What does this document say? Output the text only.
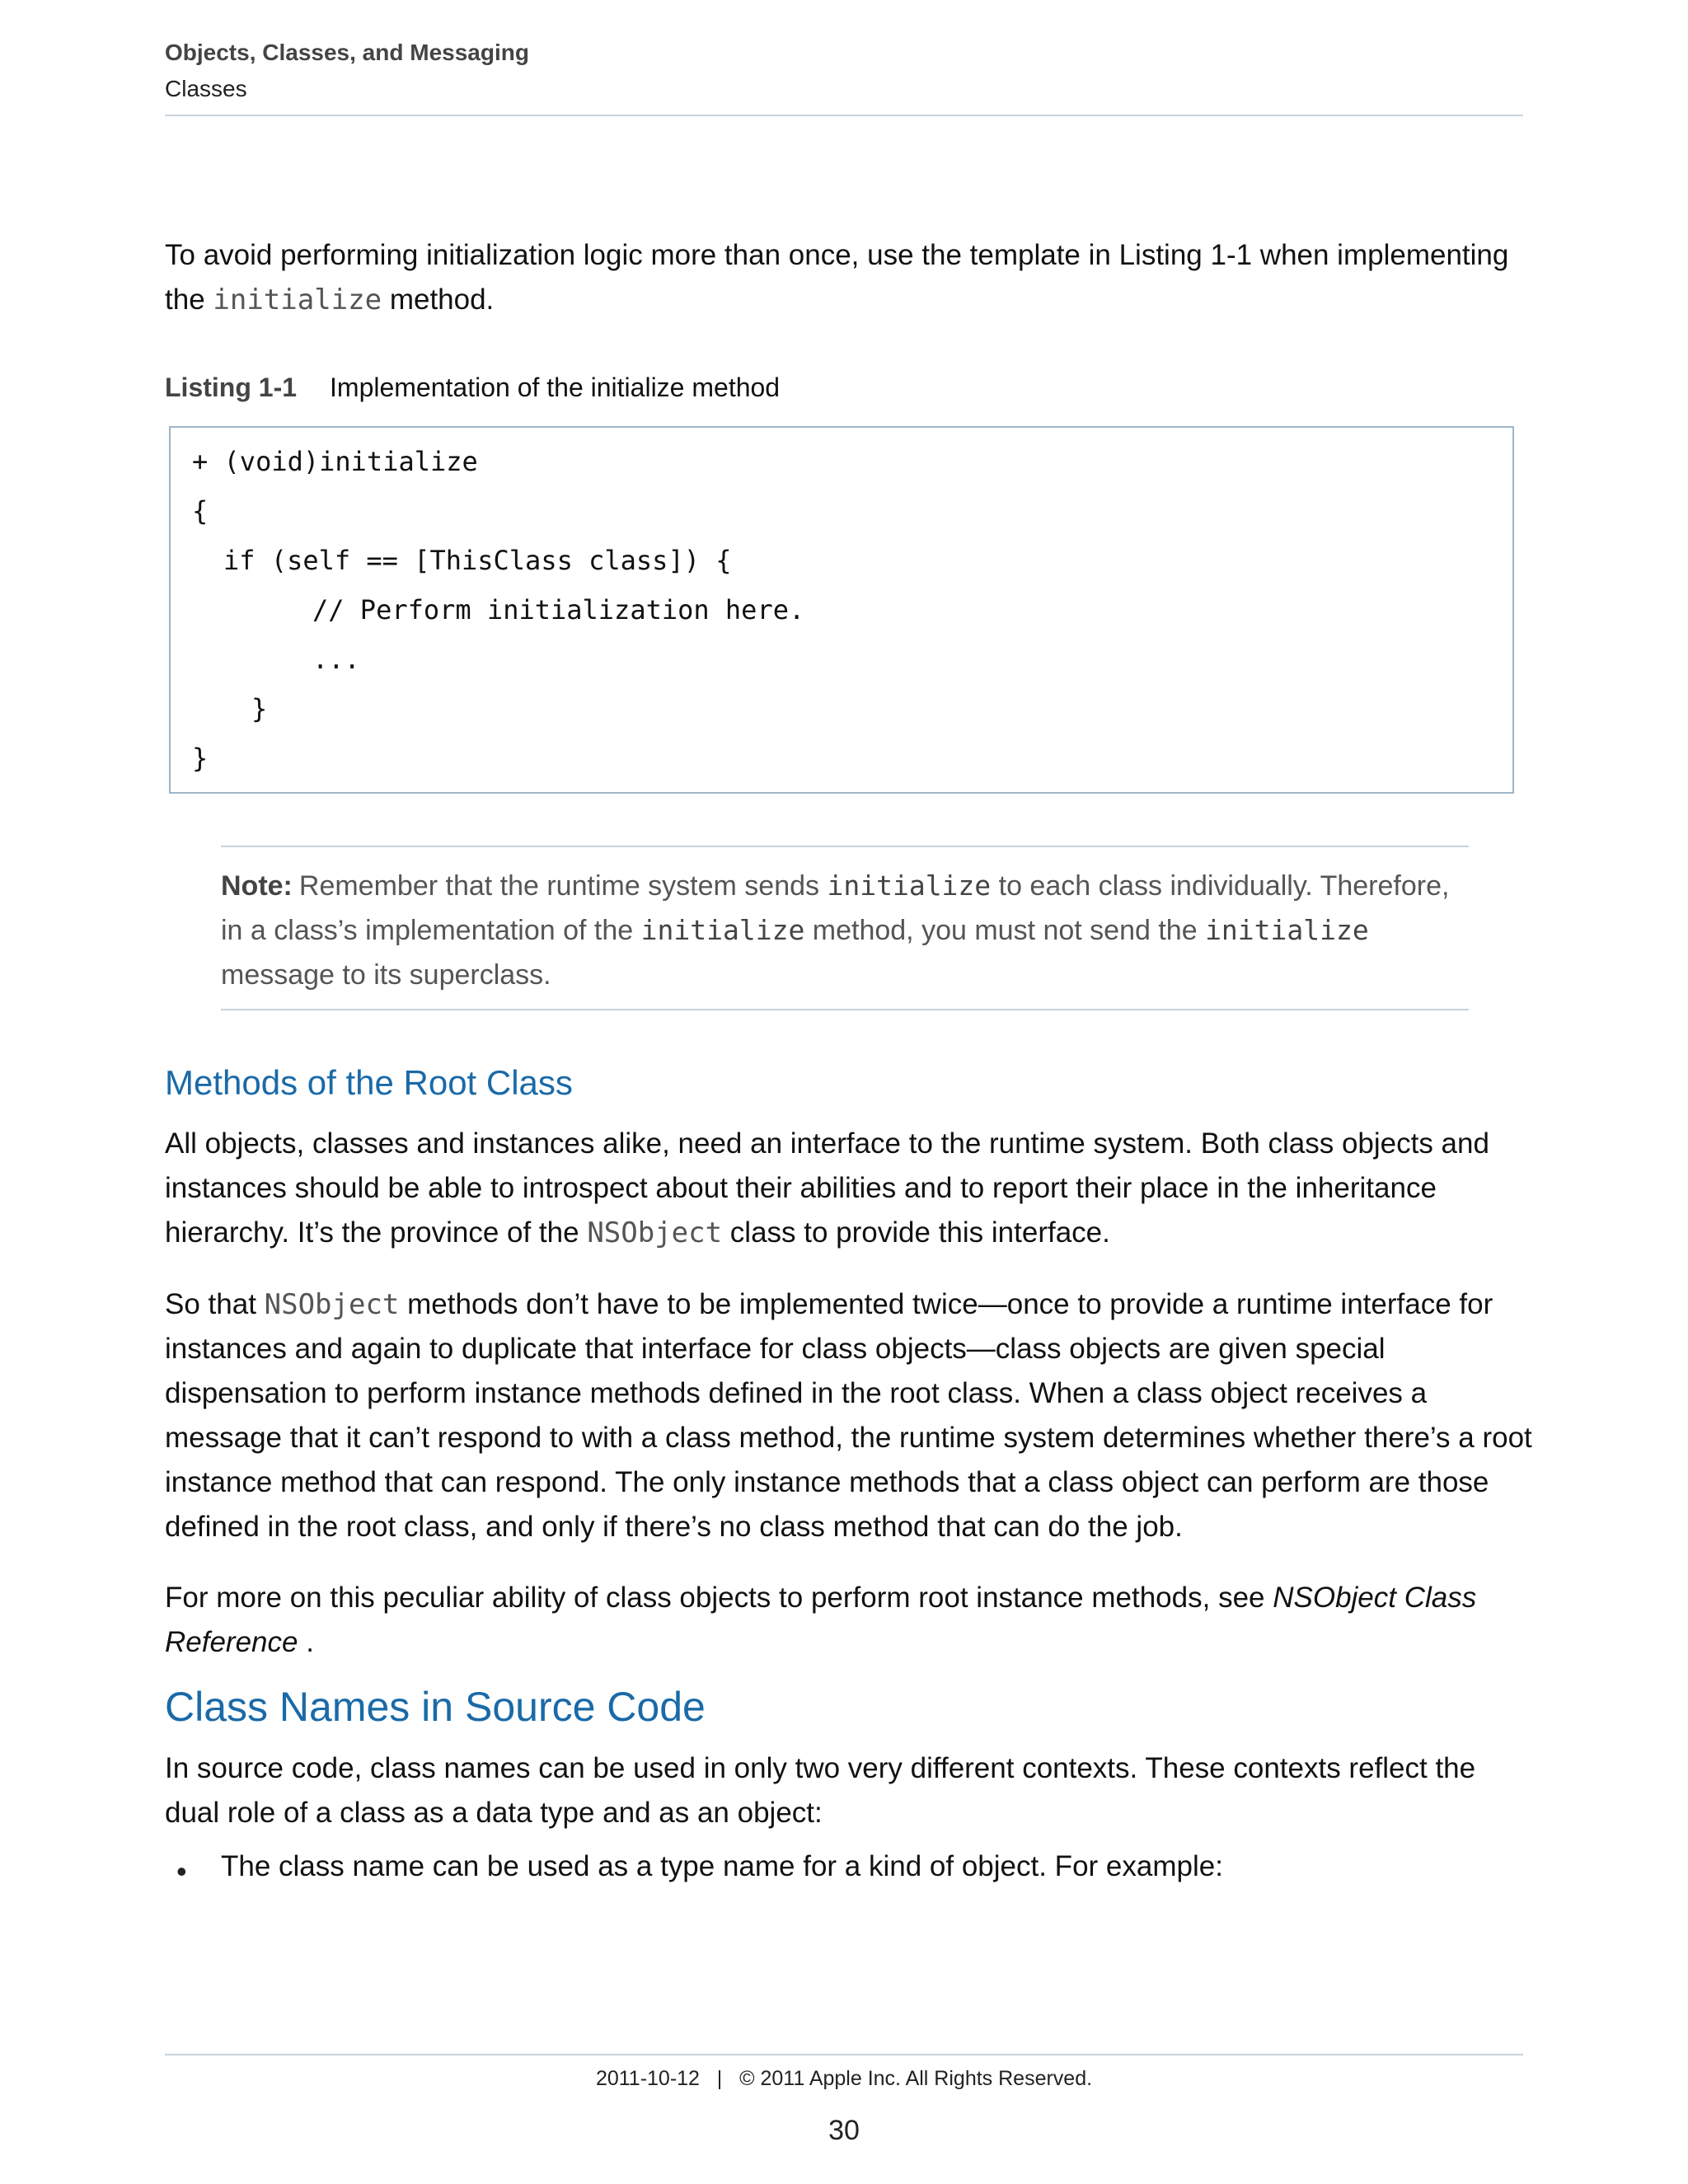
Objects, Classes, and Messaging
Classes

To avoid performing initialization logic more than once, use the template in Listing 1-1 when implementing the initialize method.

Listing 1-1 Implementation of the initialize method
+ (void)initialize
{
if (self == [ThisClass class]) {
// Perform initialization here.
...
}
}

Note: Remember that the runtime system sends initialize to each class individually. Therefore, in a class’s implementation of the initialize method, you must not send the initialize message to its superclass.

Methods of the Root Class

All objects, classes and instances alike, need an interface to the runtime system. Both class objects and instances should be able to introspect about their abilities and to report their place in the inheritance hierarchy. It’s the province of the NSObject class to provide this interface.

So that NSObject methods don’t have to be implemented twice—once to provide a runtime interface for instances and again to duplicate that interface for class objects—class objects are given special dispensation to perform instance methods defined in the root class. When a class object receives a message that it can’t respond to with a class method, the runtime system determines whether there’s a root instance method that can respond. The only instance methods that a class object can perform are those defined in the root class, and only if there’s no class method that can do the job.

For more on this peculiar ability of class objects to perform root instance methods, see NSObject Class Reference .

Class Names in Source Code

In source code, class names can be used in only two very different contexts. These contexts reflect the dual role of a class as a data type and as an object:

• The class name can be used as a type name for a kind of object. For example:
2011-10-12   |   © 2011 Apple Inc. All Rights Reserved.
30
